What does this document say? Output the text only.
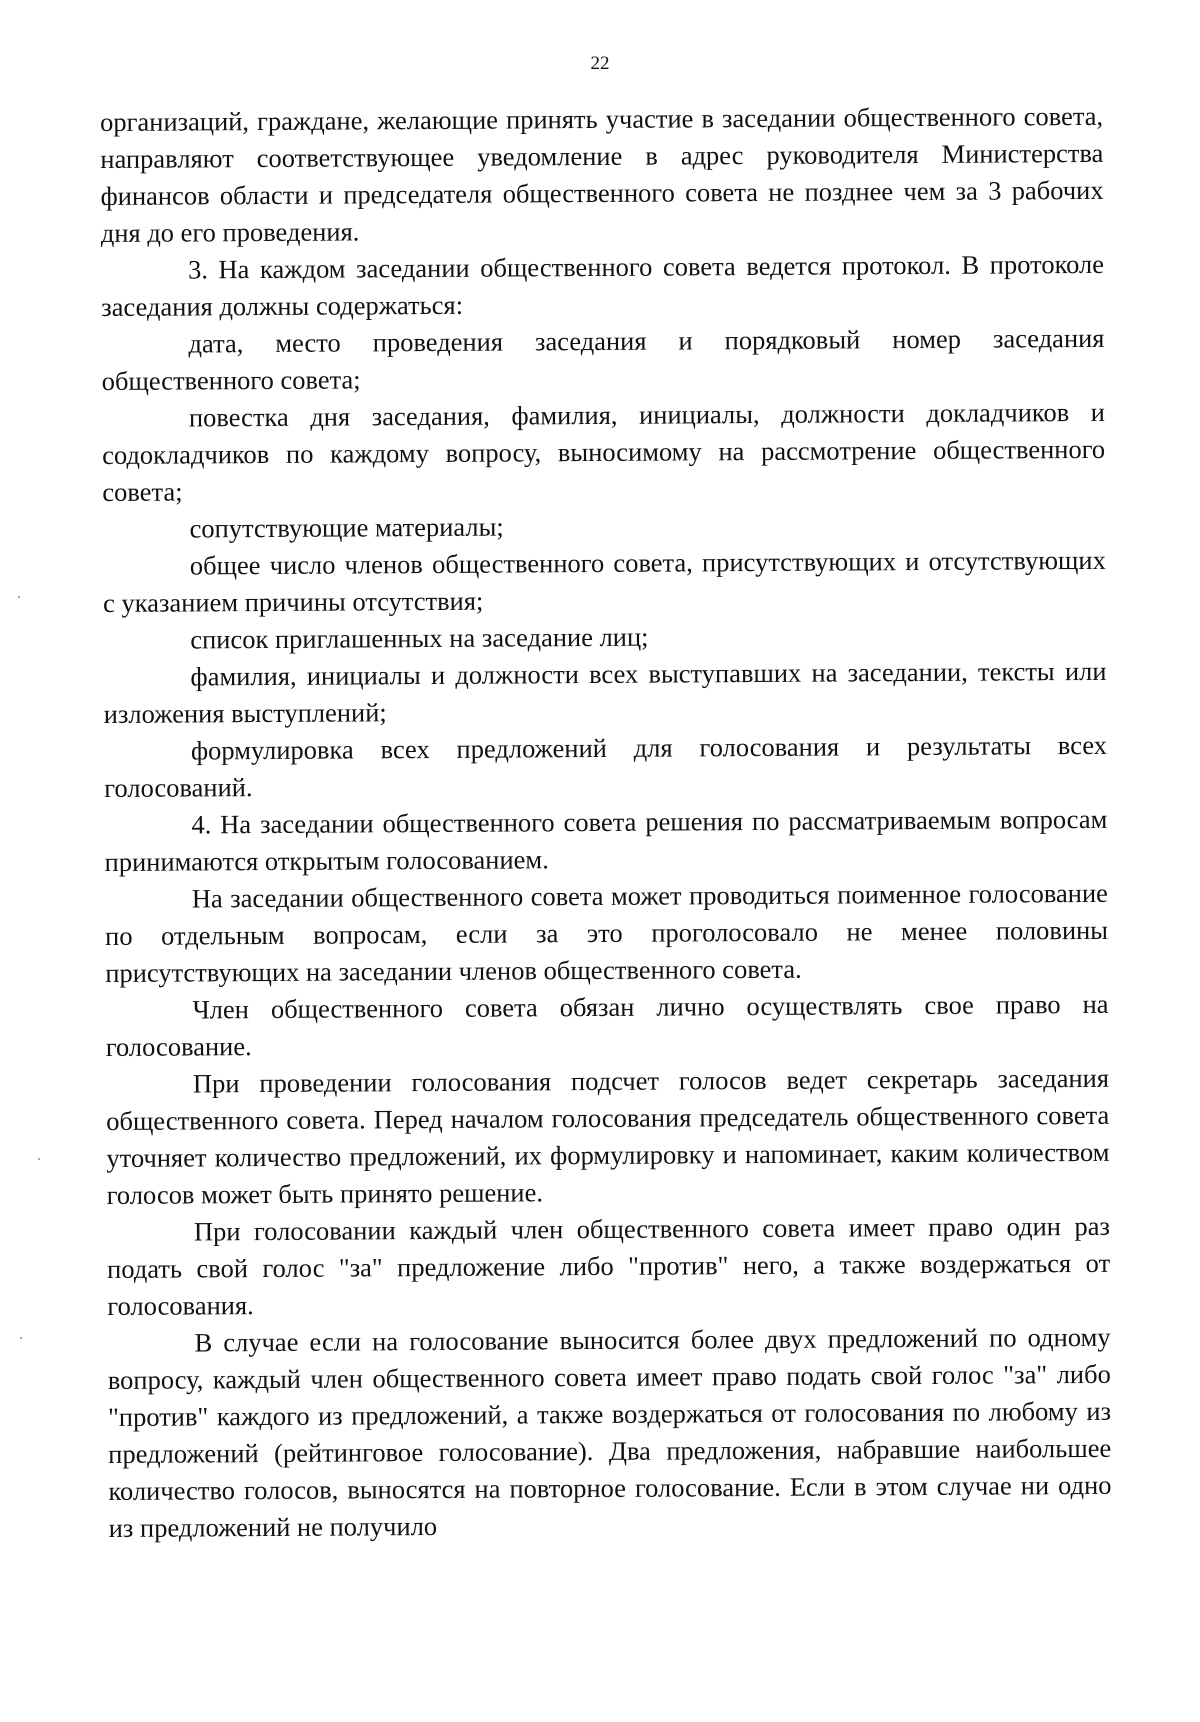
22

организаций, граждане, желающие принять участие в заседании общественного совета, направляют соответствующее уведомление в адрес руководителя Министерства финансов области и председателя общественного совета не позднее чем за 3 рабочих дня до его проведения.

3. На каждом заседании общественного совета ведется протокол. В протоколе заседания должны содержаться:

дата, место проведения заседания и порядковый номер заседания общественного совета;

повестка дня заседания, фамилия, инициалы, должности докладчиков и содокладчиков по каждому вопросу, выносимому на рассмотрение общественного совета;

сопутствующие материалы;

общее число членов общественного совета, присутствующих и отсутствующих с указанием причины отсутствия;

список приглашенных на заседание лиц;

фамилия, инициалы и должности всех выступавших на заседании, тексты или изложения выступлений;

формулировка всех предложений для голосования и результаты всех голосований.

4. На заседании общественного совета решения по рассматриваемым вопросам принимаются открытым голосованием.

На заседании общественного совета может проводиться поименное голосование по отдельным вопросам, если за это проголосовало не менее половины присутствующих на заседании членов общественного совета.

Член общественного совета обязан лично осуществлять свое право на голосование.

При проведении голосования подсчет голосов ведет секретарь заседания общественного совета. Перед началом голосования председатель общественного совета уточняет количество предложений, их формулировку и напоминает, каким количеством голосов может быть принято решение.

При голосовании каждый член общественного совета имеет право один раз подать свой голос "за" предложение либо "против" него, а также воздержаться от голосования.

В случае если на голосование выносится более двух предложений по одному вопросу, каждый член общественного совета имеет право подать свой голос "за" либо "против" каждого из предложений, а также воздержаться от голосования по любому из предложений (рейтинговое голосование). Два предложения, набравшие наибольшее количество голосов, выносятся на повторное голосование. Если в этом случае ни одно из предложений не получило
